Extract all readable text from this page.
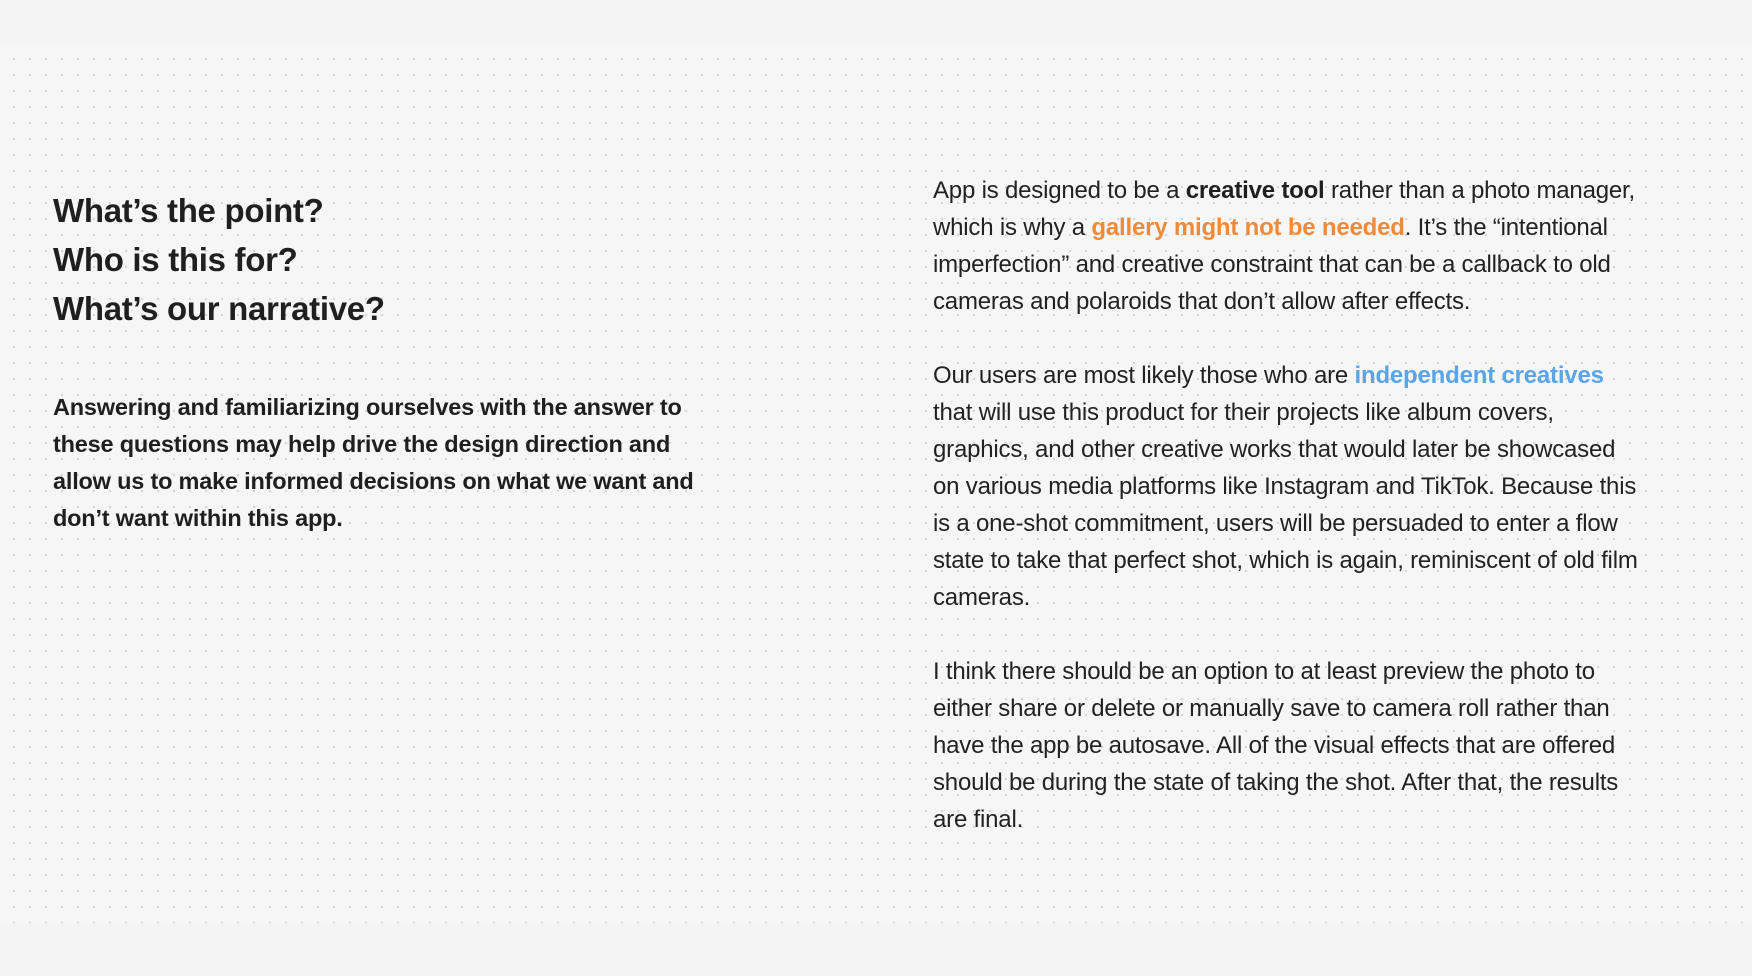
What’s the point?
Who is this for?
What’s our narrative?

Answering and familiarizing ourselves with the answer to these questions may help drive the design direction and allow us to make informed decisions on what we want and don’t want within this app.

App is designed to be a creative tool rather than a photo manager, which is why a gallery might not be needed. It’s the “intentional imperfection” and creative constraint that can be a callback to old cameras and polaroids that don’t allow after effects.

Our users are most likely those who are independent creatives that will use this product for their projects like album covers, graphics, and other creative works that would later be showcased on various media platforms like Instagram and TikTok. Because this is a one-shot commitment, users will be persuaded to enter a flow state to take that perfect shot, which is again, reminiscent of old film cameras.

I think there should be an option to at least preview the photo to either share or delete or manually save to camera roll rather than have the app be autosave. All of the visual effects that are offered should be during the state of taking the shot. After that, the results are final.
